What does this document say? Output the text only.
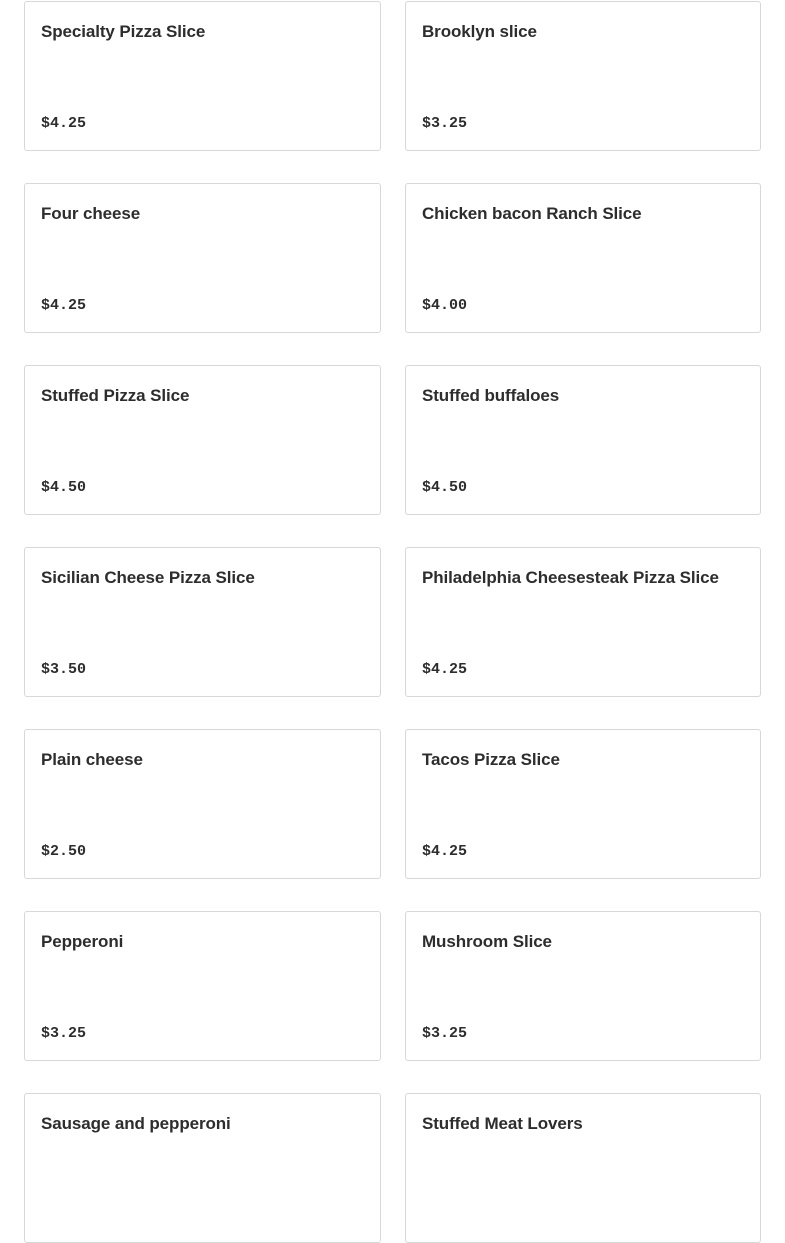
Specialty Pizza Slice
$4.25
Brooklyn slice
$3.25
Four cheese
$4.25
Chicken bacon Ranch Slice
$4.00
Stuffed Pizza Slice
$4.50
Stuffed buffaloes
$4.50
Sicilian Cheese Pizza Slice
$3.50
Philadelphia Cheesesteak Pizza Slice
$4.25
Plain cheese
$2.50
Tacos Pizza Slice
$4.25
Pepperoni
$3.25
Mushroom Slice
$3.25
Sausage and pepperoni	Stuffed Meat Lovers
